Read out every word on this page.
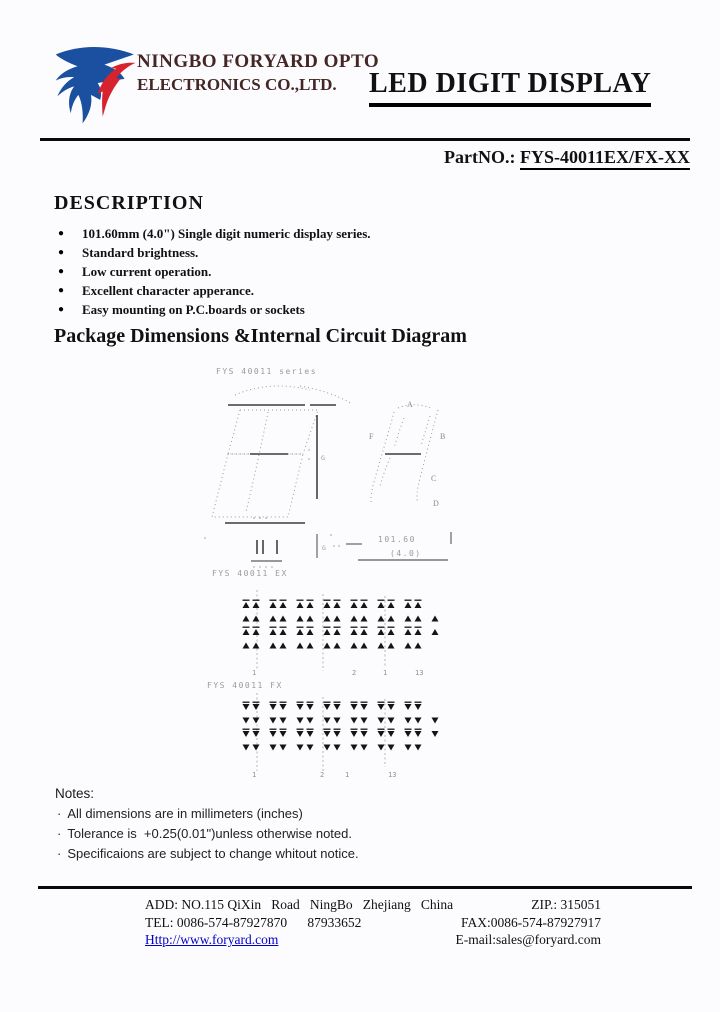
NINGBO FORYARD OPTO
ELECTRONICS CO.,LTD.	LED DIGIT DISPLAY
PartNO.: FYS-40011EX/FX-XX
DESCRIPTION
●	101.60mm (4.0") Single digit numeric display series.
●	Standard brightness.
●	Low current operation.
●	Excellent character apperance.
●	Easy mounting on P.C.boards or sockets
Package Dimensions &Internal Circuit Diagram
FYS 40011 series
G
A
F	B
C
D
G
101.60
(4.0)
FYS 40011 EX
1	2	1	13
FYS 40011 FX
1	2	1	13
Notes:
· All dimensions are in millimeters (inches)
· Tolerance is  +0.25(0.01")unless otherwise noted.
· Specificaions are subject to change whitout notice.
ADD: NO.115 QiXin   Road   NingBo   Zhejiang   China	ZIP.: 315051
TEL: 0086-574-87927870      87933652	FAX:0086-574-87927917
Http://www.foryard.com	E-mail:sales@foryard.com
